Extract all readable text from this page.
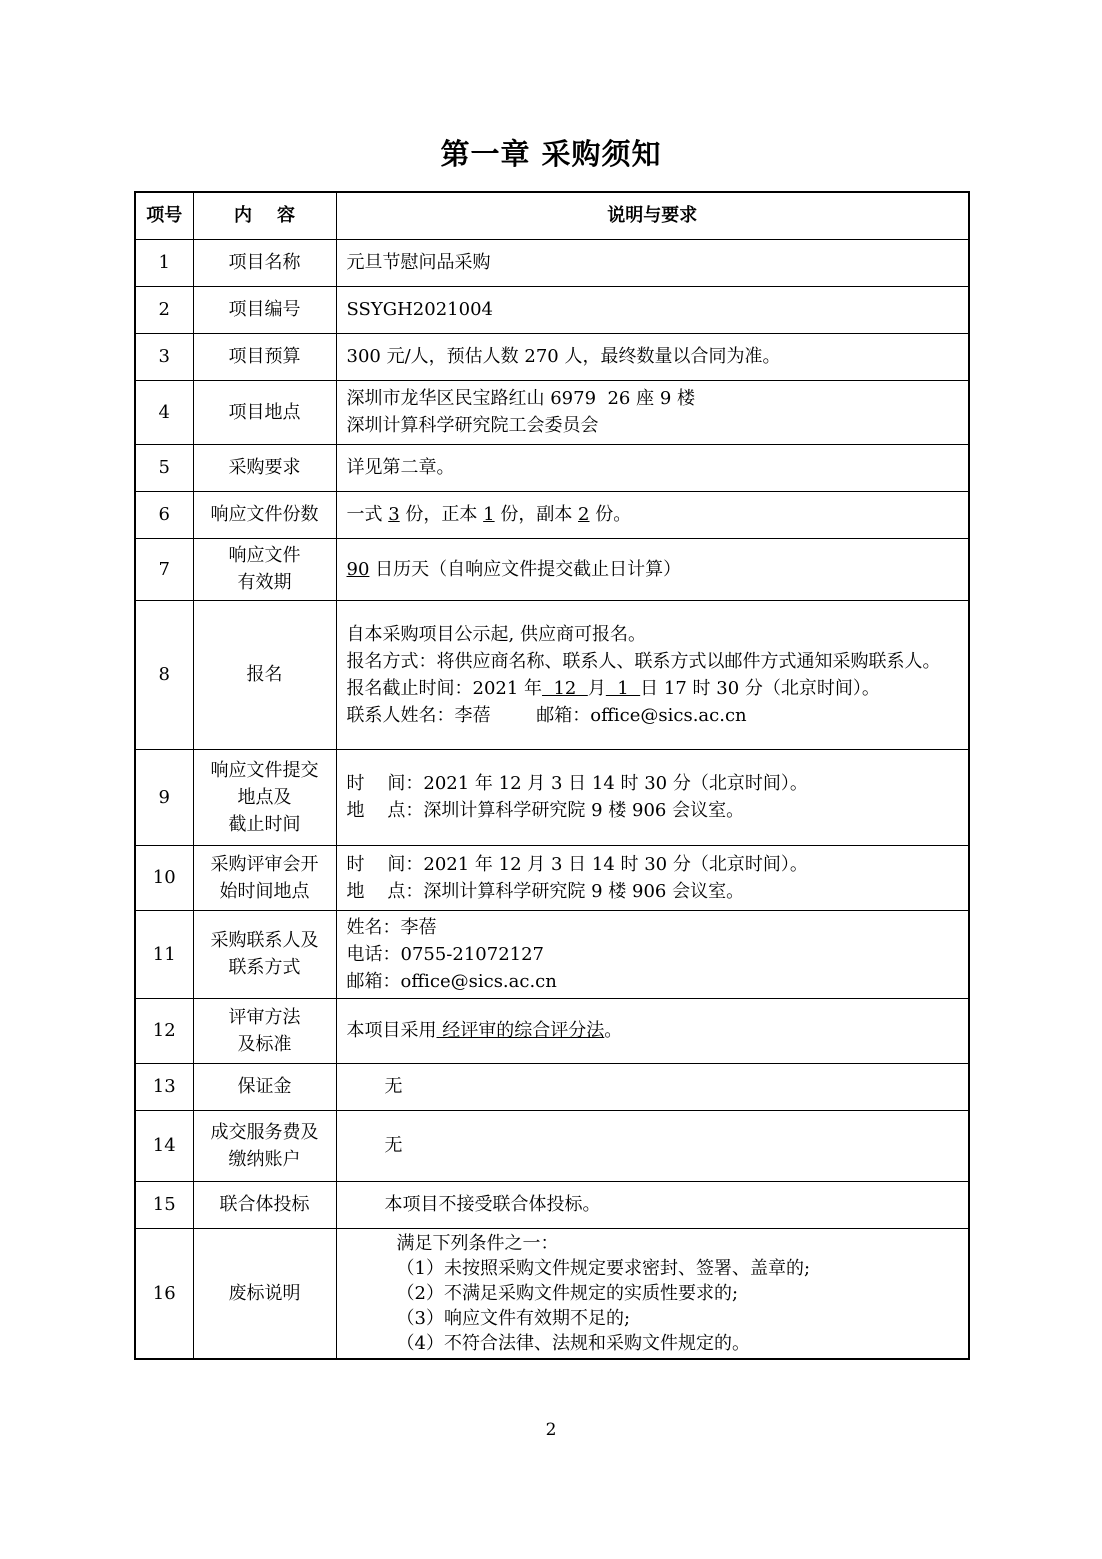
第一章 采购须知
项号	内    容	说明与要求
1	项目名称	元旦节慰问品采购
2	项目编号	SSYGH2021004
3	项目预算	300 元/人，预估人数 270 人，最终数量以合同为准。
4	项目地点	深圳市龙华区民宝路红山 6979  26 座 9 楼
深圳计算科学研究院工会委员会

5	采购要求	详见第二章。
6	响应文件份数	一式 3 份，正本 1 份，副本 2 份。
7	响应文件
有效期	90 日历天（自响应文件提交截止日计算）
8	报名	自本采购项目公示起, 供应商可报名。
报名方式：将供应商名称、联系人、联系方式以邮件方式通知采购联系人。
报名截止时间：2021 年  12  月  1  日 17 时 30 分（北京时间）。
联系人姓名：李蓓        邮箱：office@sics.ac.cn

9	响应文件提交
地点及
截止时间	时    间：2021 年 12 月 3 日 14 时 30 分（北京时间）。
地    点：深圳计算科学研究院 9 楼 906 会议室。

10	采购评审会开
始时间地点	时    间：2021 年 12 月 3 日 14 时 30 分（北京时间）。
地    点：深圳计算科学研究院 9 楼 906 会议室。

11	采购联系人及
联系方式	姓名：李蓓
电话：0755-21072127
邮箱：office@sics.ac.cn

12	评审方法
及标准	本项目采用 经评审的综合评分法。
13	保证金	无
14	成交服务费及
缴纳账户	无
15	联合体投标	本项目不接受联合体投标。
16	废标说明	满足下列条件之一：
（1）未按照采购文件规定要求密封、签署、盖章的;
（2）不满足采购文件规定的实质性要求的;
（3）响应文件有效期不足的;
（4）不符合法律、法规和采购文件规定的。
2
